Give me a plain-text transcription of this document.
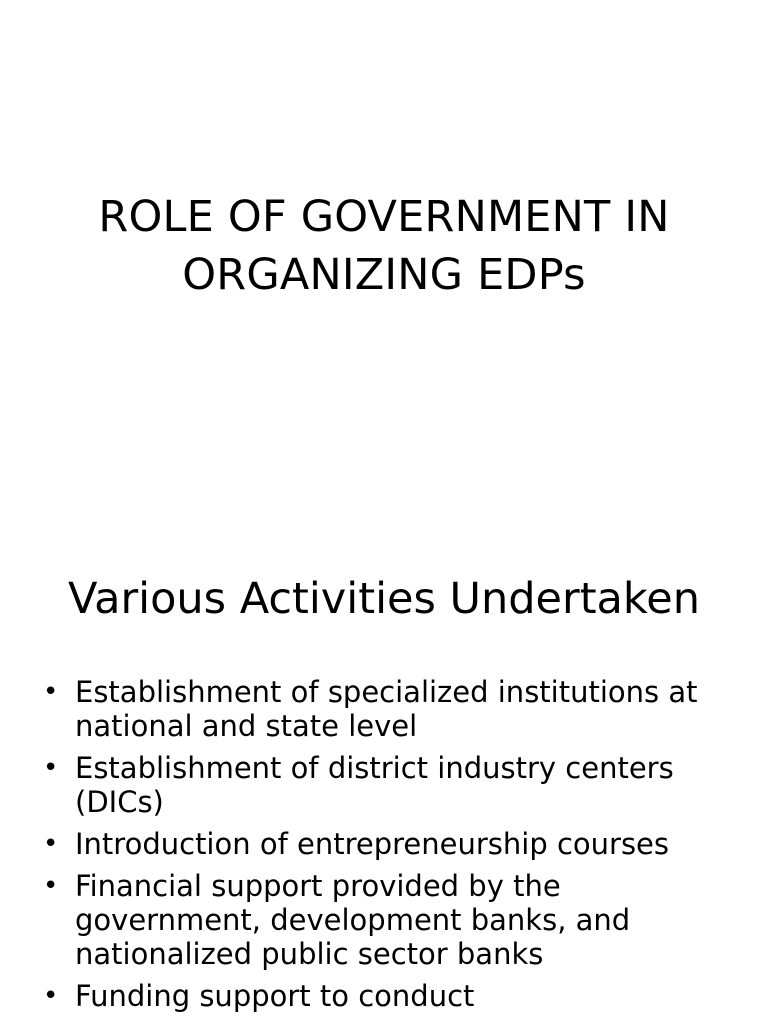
ROLE OF GOVERNMENT IN ORGANIZING EDPs
Various Activities Undertaken
• Establishment of specialized institutions at national and state level
• Establishment of district industry centers (DICs)
• Introduction of entrepreneurship courses
• Financial support provided by the government, development banks, and nationalized public sector banks
• Funding support to conduct
